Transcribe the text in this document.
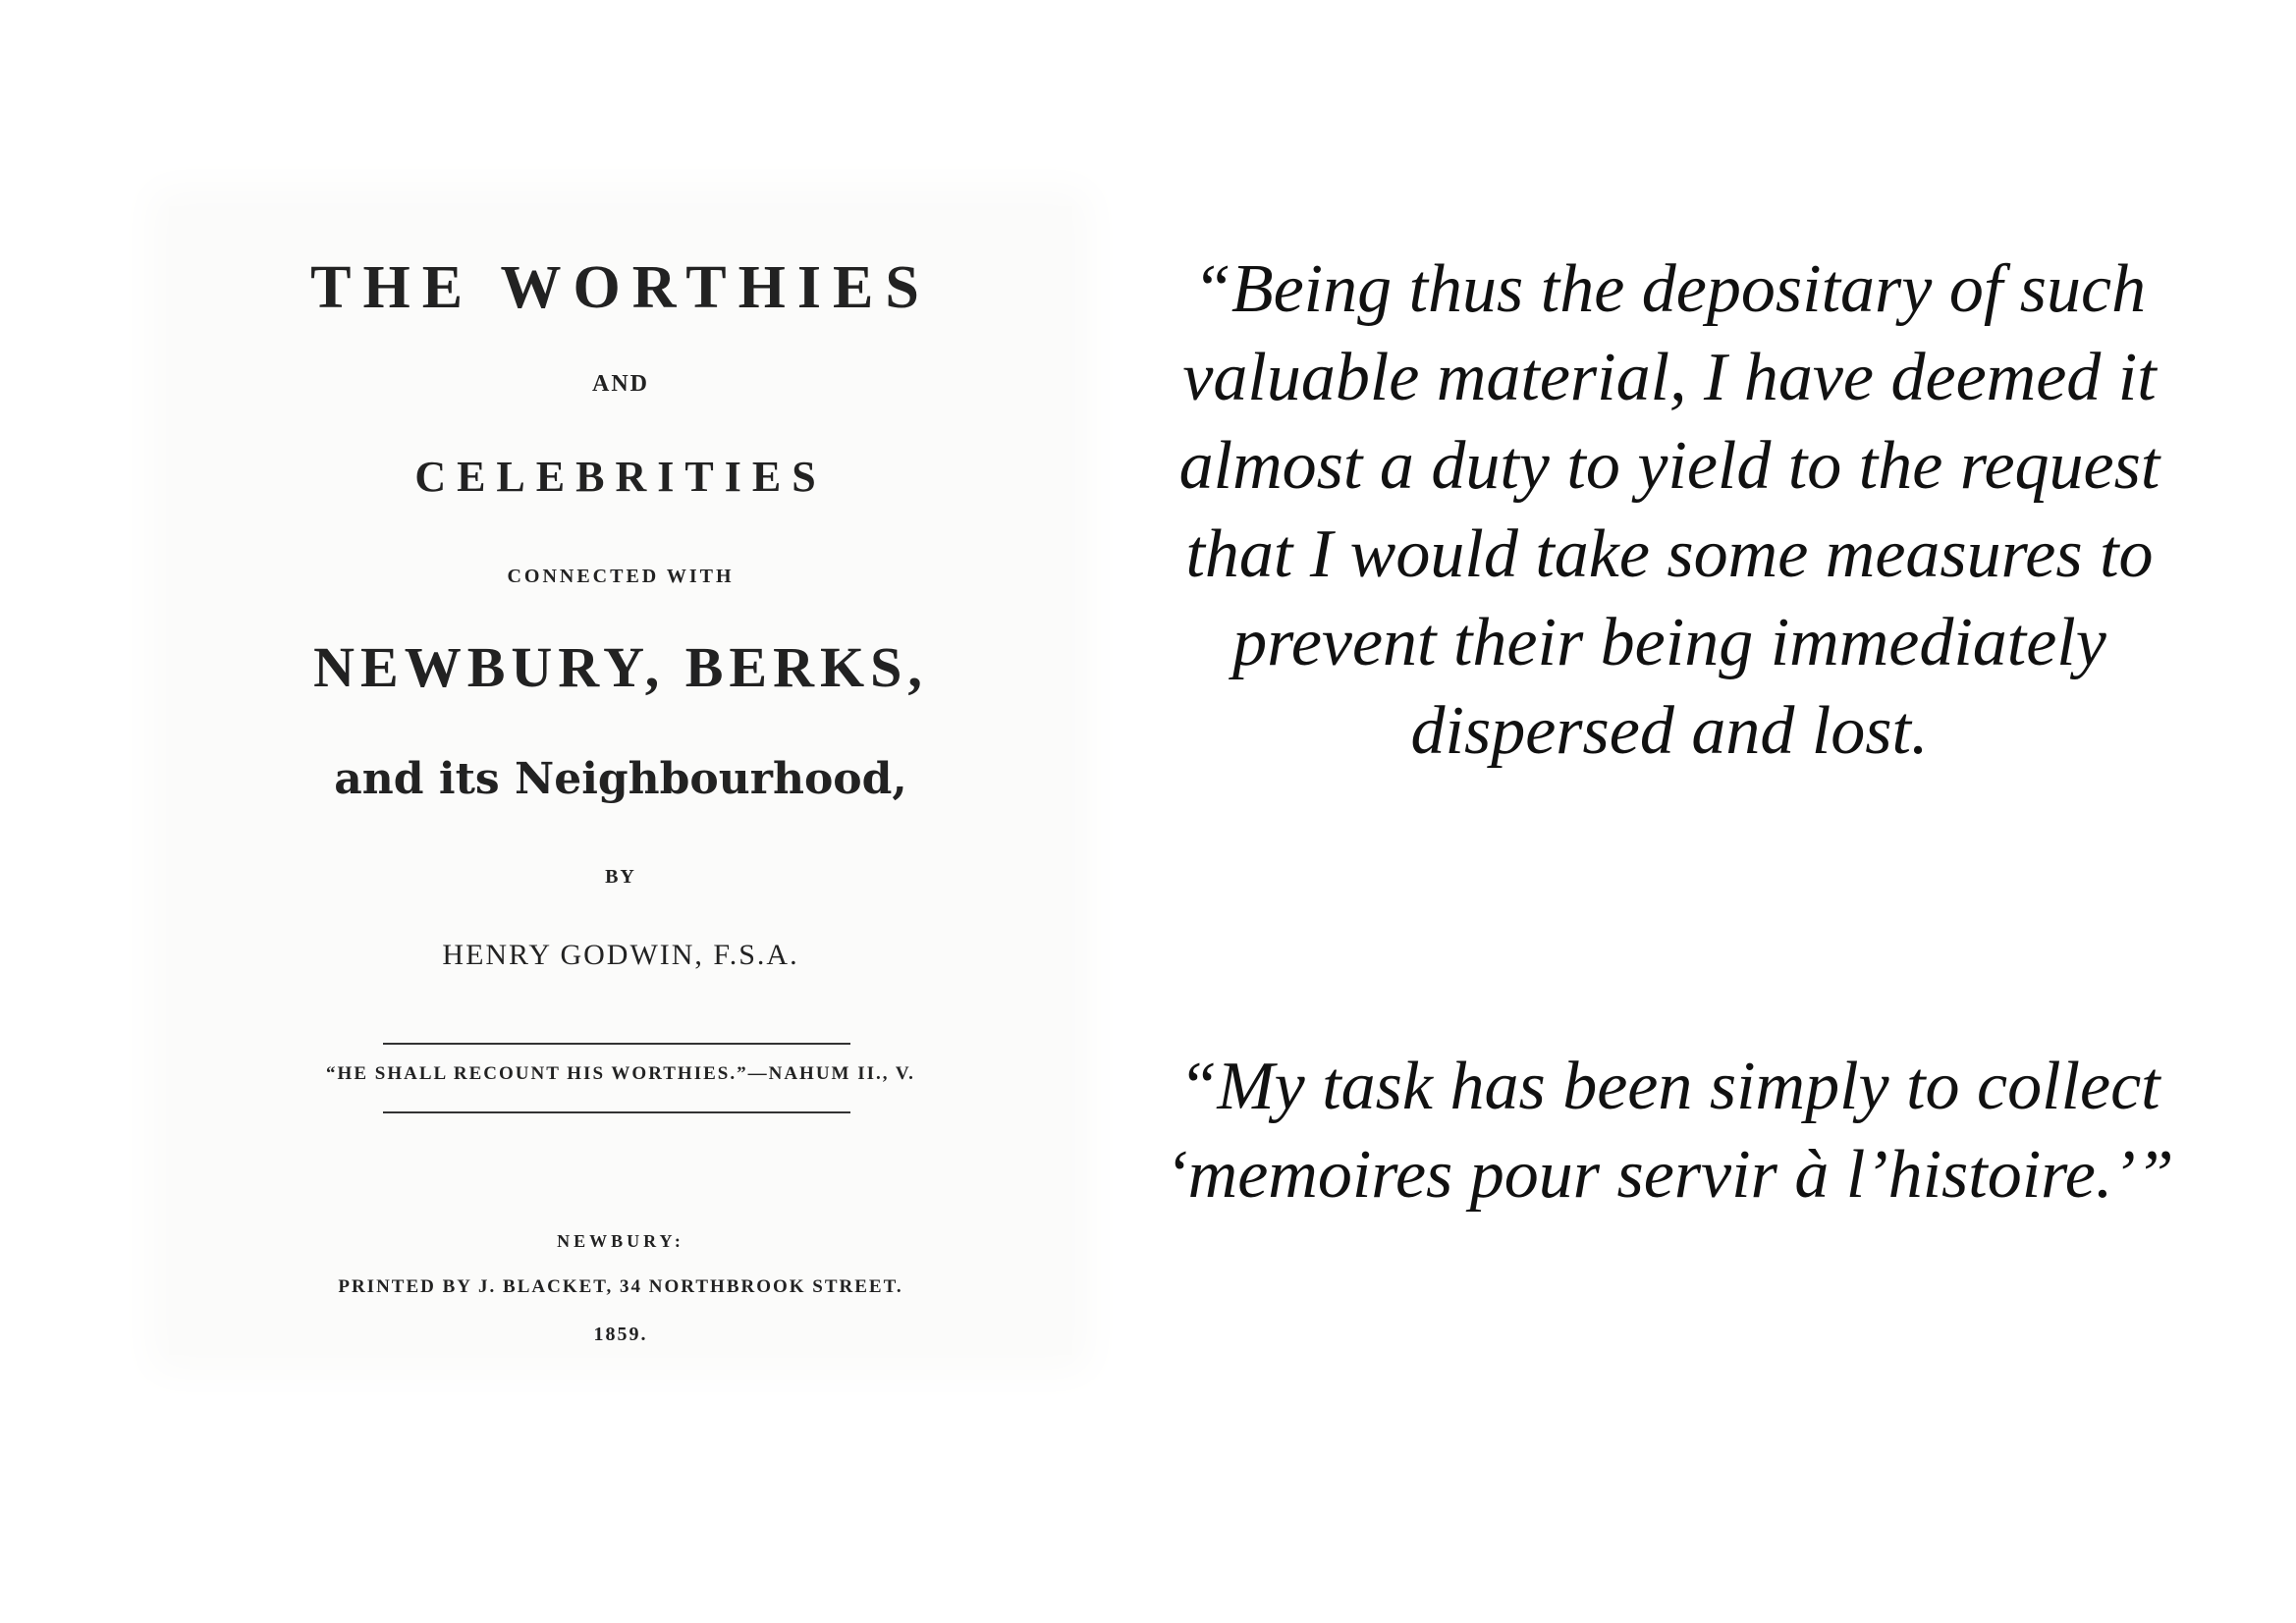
THE WORTHIES
AND
CELEBRITIES
CONNECTED WITH
NEWBURY, BERKS,
and its Neighbourhood,
BY
HENRY GODWIN, F.S.A.
“HE SHALL RECOUNT HIS WORTHIES.”—NAHUM II., V.
NEWBURY:
PRINTED BY J. BLACKET, 34 NORTHBROOK STREET.
1859.
“Being thus the depositary of such valuable material, I have deemed it almost a duty to yield to the request that I would take some measures to prevent their being immediately dispersed and lost.
“My task has been simply to collect ‘memoires pour servir à l’histoire.’”
